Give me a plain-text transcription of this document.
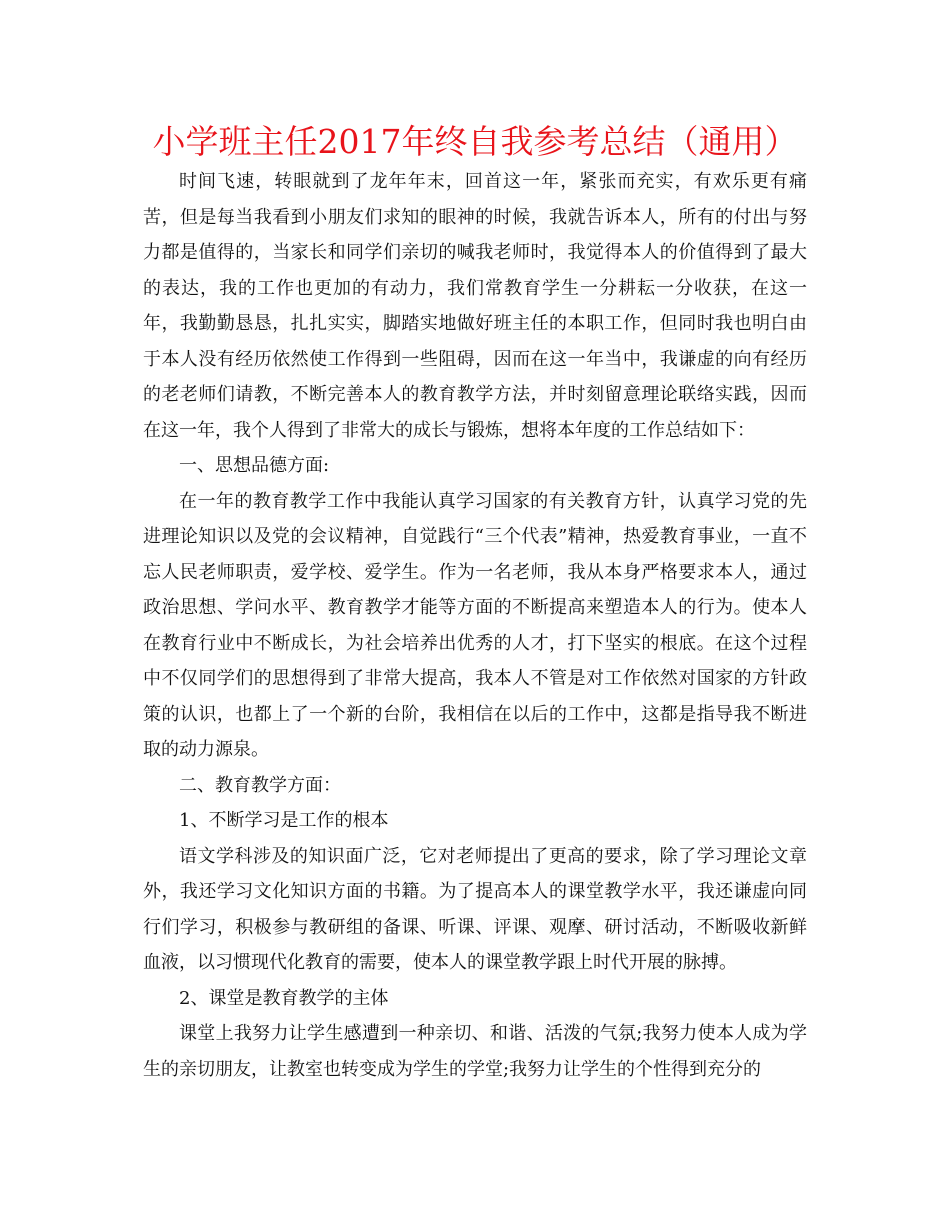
小学班主任2017年终自我参考总结（通用）

时间飞速，转眼就到了龙年年末，回首这一年，紧张而充实，有欢乐更有痛苦，但是每当我看到小朋友们求知的眼神的时候，我就告诉本人，所有的付出与努力都是值得的，当家长和同学们亲切的喊我老师时，我觉得本人的价值得到了最大的表达，我的工作也更加的有动力，我们常教育学生一分耕耘一分收获，在这一年，我勤勤恳恳，扎扎实实，脚踏实地做好班主任的本职工作，但同时我也明白由于本人没有经历依然使工作得到一些阻碍，因而在这一年当中，我谦虚的向有经历的老老师们请教，不断完善本人的教育教学方法，并时刻留意理论联络实践，因而在这一年，我个人得到了非常大的成长与锻炼，想将本年度的工作总结如下：

一、思想品德方面:

在一年的教育教学工作中我能认真学习国家的有关教育方针，认真学习党的先进理论知识以及党的会议精神，自觉践行“三个代表”精神，热爱教育事业，一直不忘人民老师职责，爱学校、爱学生。作为一名老师，我从本身严格要求本人，通过政治思想、学问水平、教育教学才能等方面的不断提高来塑造本人的行为。使本人在教育行业中不断成长，为社会培养出优秀的人才，打下坚实的根底。在这个过程中不仅同学们的思想得到了非常大提高，我本人不管是对工作依然对国家的方针政策的认识，也都上了一个新的台阶，我相信在以后的工作中，这都是指导我不断进取的动力源泉。

二、教育教学方面：

1、不断学习是工作的根本

语文学科涉及的知识面广泛，它对老师提出了更高的要求，除了学习理论文章外，我还学习文化知识方面的书籍。为了提高本人的课堂教学水平，我还谦虚向同行们学习，积极参与教研组的备课、听课、评课、观摩、研讨活动，不断吸收新鲜血液，以习惯现代化教育的需要，使本人的课堂教学跟上时代开展的脉搏。

2、课堂是教育教学的主体

课堂上我努力让学生感遭到一种亲切、和谐、活泼的气氛;我努力使本人成为学生的亲切朋友，让教室也转变成为学生的学堂;我努力让学生的个性得到充分的
